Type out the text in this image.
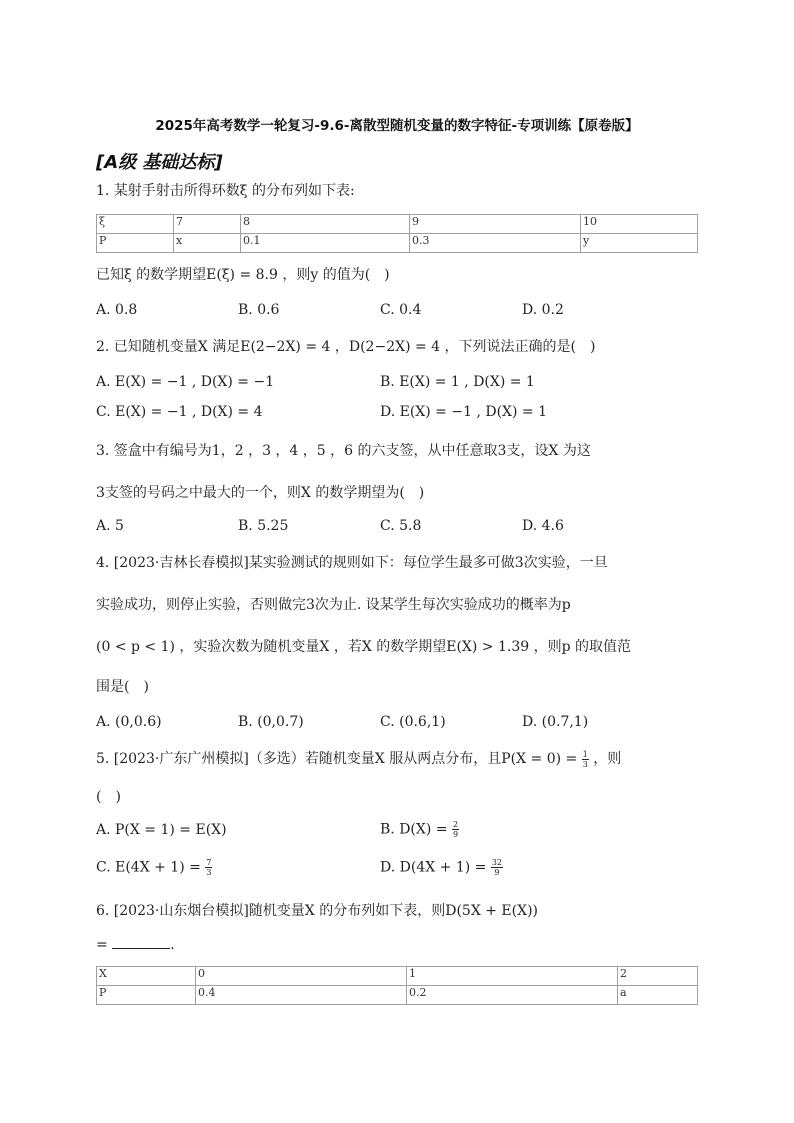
2025年高考数学一轮复习-9.6-离散型随机变量的数字特征-专项训练【原卷版】
[A级 基础达标]
1. 某射手射击所得环数ξ 的分布列如下表:
ξ	7	8	9	10
P	x	0.1	0.3	y
已知ξ 的数学期望E(ξ) = 8.9 ，则y 的值为(　)
A. 0.8	B. 0.6	C. 0.4	D. 0.2
2. 已知随机变量X 满足E(2−2X) = 4 ，D(2−2X) = 4 ，下列说法正确的是(　)
A. E(X) = −1 , D(X) = −1	B. E(X) = 1 , D(X) = 1
C. E(X) = −1 , D(X) = 4	D. E(X) = −1 , D(X) = 1
3. 签盒中有编号为1，2 ，3 ，4 ，5 ，6 的六支签，从中任意取3支，设X 为这
3支签的号码之中最大的一个，则X 的数学期望为(　)
A. 5	B. 5.25	C. 5.8	D. 4.6
4. [2023·吉林长春模拟]某实验测试的规则如下：每位学生最多可做3次实验，一旦
实验成功，则停止实验，否则做完3次为止. 设某学生每次实验成功的概率为p
(0 < p < 1) ，实验次数为随机变量X ，若X 的数学期望E(X) > 1.39 ，则p 的取值范
围是(　)
A. (0,0.6)	B. (0,0.7)	C. (0.6,1)	D. (0.7,1)
5. [2023·广东广州模拟]（多选）若随机变量X 服从两点分布，且$P(X = 0) = \frac{1}{3}$ ，则
(　)
A. P(X = 1) = E(X)	B. $D(X) = \frac{2}{9}$
C. $E(4X + 1) = \frac{7}{3}$	D. $D(4X + 1) = \frac{32}{9}$
6. [2023·山东烟台模拟]随机变量X 的分布列如下表，则D(5X + E(X))
=	.
X	0	1	2
P	0.4	0.2	a
